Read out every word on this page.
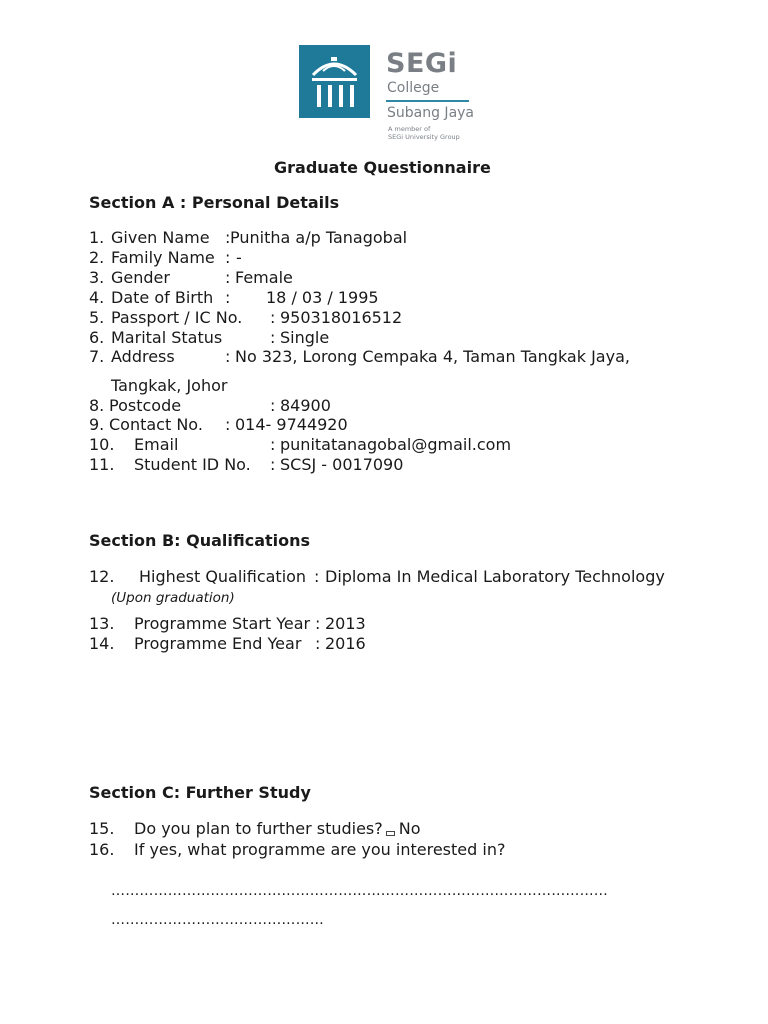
SEGi
College
Subang Jaya
A member of
SEGi University Group
Graduate Questionnaire
Section A : Personal Details
1. Given Name : Punitha a/p Tanagobal
2. Family Name : -
3. Gender	: Female
4. Date of Birth : 18 / 03 / 1995
5. Passport / IC No. : 950318016512
6. Marital Status	: Single
7. Address	: No 323, Lorong Cempaka 4, Taman Tangkak Jaya,
Tangkak, Johor
8. Postcode	: 84900
9. Contact No. : 014- 9744920
10. Email	: punitatanagobal@gmail.com
11. Student ID No. : SCSJ - 0017090
Section B: Qualifications
12. Highest Qualification : Diploma In Medical Laboratory Technology
(Upon graduation)
13. Programme Start Year : 2013
14. Programme End Year : 2016
Section C: Further Study
15. Do you plan to further studies? No
16. If yes, what programme are you interested in?
……………………………………………………………………………………………
………………………………………
